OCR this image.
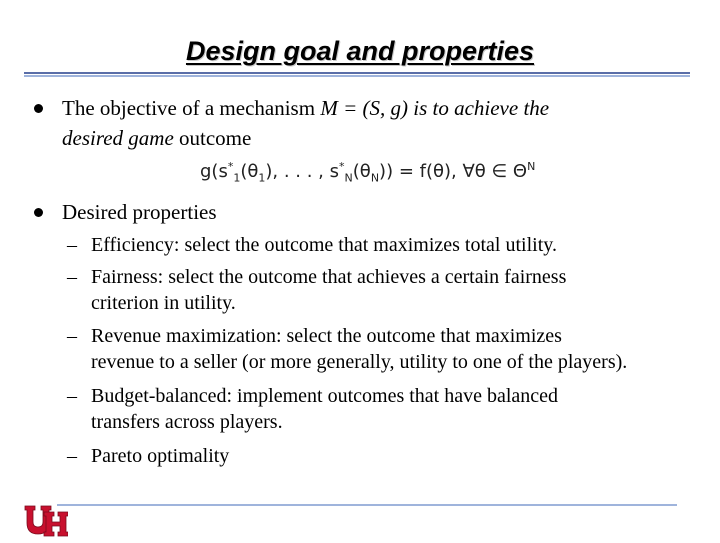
Design goal and properties
The objective of a mechanism M = (S, g) is to achieve the
desired game outcome
$g(s^*_1(\theta_1)$, . . . , $s^*_N(\theta_N)) = f(\theta)$, ∀θ ∈ $\Theta^N$
Desired properties
– Efficiency: select the outcome that maximizes total utility.
– Fairness: select the outcome that achieves a certain fairness
criterion in utility.
– Revenue maximization: select the outcome that maximizes
revenue to a seller (or more generally, utility to one of the players).
– Budget-balanced: implement outcomes that have balanced
transfers across players.
– Pareto optimality
